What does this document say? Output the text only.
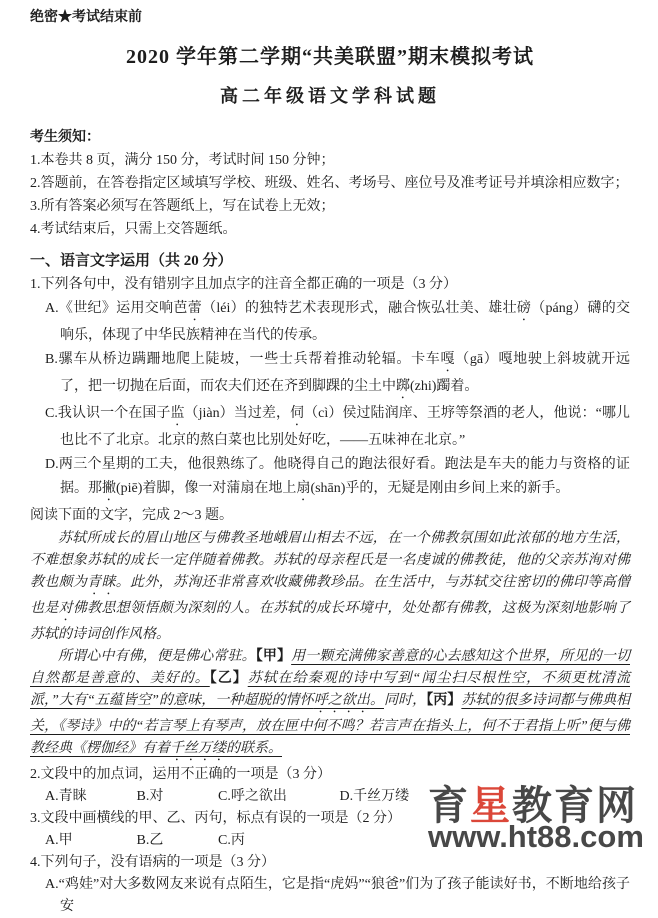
绝密★考试结束前

2020 学年第二学期“共美联盟”期末模拟考试
高二年级语文学科试题

考生须知：

1.本卷共 8 页，满分 150 分，考试时间 150 分钟；

2.答题前，在答卷指定区域填写学校、班级、姓名、考场号、座位号及准考证号并填涂相应数字；

3.所有答案必须写在答题纸上，写在试卷上无效；

4.考试结束后，只需上交答题纸。

一、语言文字运用（共 20 分）

1.下列各句中，没有错别字且加点字的注音全都正确的一项是（3 分）

A.《世纪》运用交响芭蕾（léi）的独特艺术表现形式，融合恢弘壮美、雄壮磅（páng）礴的交响乐，体现了中华民族精神在当代的传承。

B.骡车从桥边蹒跚地爬上陡坡，一些士兵帮着推动轮辐。卡车嘎（gā）嘎地驶上斜坡就开远了，把一切抛在后面，而农夫们还在齐到脚踝的尘土中踯(zhi)躅着。

C.我认识一个在国子监（jiàn）当过差，伺（cì）侯过陆润庠、王垿等祭酒的老人，他说：“哪儿也比不了北京。北京的熬白菜也比别处好吃，——五味神在北京。”

D.两三个星期的工夫，他很熟练了。他晓得自己的跑法很好看。跑法是车夫的能力与资格的证据。那撇(piē)着脚，像一对蒲扇在地上扇(shān)乎的，无疑是刚由乡间上来的新手。

阅读下面的文字，完成 2～3 题。

苏轼所成长的眉山地区与佛教圣地峨眉山相去不远，在一个佛教氛围如此浓郁的地方生活，不难想象苏轼的成长一定伴随着佛教。苏轼的母亲程氏是一名虔诚的佛教徒，他的父亲苏洵对佛教也颇为青睐。此外，苏洵还非常喜欢收藏佛教珍品。在生活中，与苏轼交往密切的佛印等高僧也是对佛教思想领悟颇为深刻的人。在苏轼的成长环境中，处处都有佛教，这极为深刻地影响了苏轼的诗词创作风格。

所谓心中有佛，便是佛心常驻。【甲】用一颗充满佛家善意的心去感知这个世界，所见的一切自然都是善意的、美好的。【乙】苏轼在给秦观的诗中写到“闻尘扫尽根性空，不须更枕清流派，”大有“五蕴皆空”的意味，一种超脱的情怀呼之欲出。同时，【丙】苏轼的很多诗词都与佛典相关，《琴诗》中的“若言琴上有琴声，放在匣中何不鸣？若言声在指头上，何不于君指上听”便与佛教经典《楞伽经》有着千丝万缕的联系。

2.文段中的加点词，运用不正确的一项是（3 分）

A.青睐	B.对	C.呼之欲出	D.千丝万缕

3.文段中画横线的甲、乙、丙句，标点有误的一项是（2 分）

A.甲	B.乙	C.丙

4.下列句子，没有语病的一项是（3 分）

A.“鸡娃”对大多数网友来说有点陌生，它是指“虎妈”“狼爸”们为了孩子能读好书，不断地给孩子安

育星教育网
www.ht88.com
